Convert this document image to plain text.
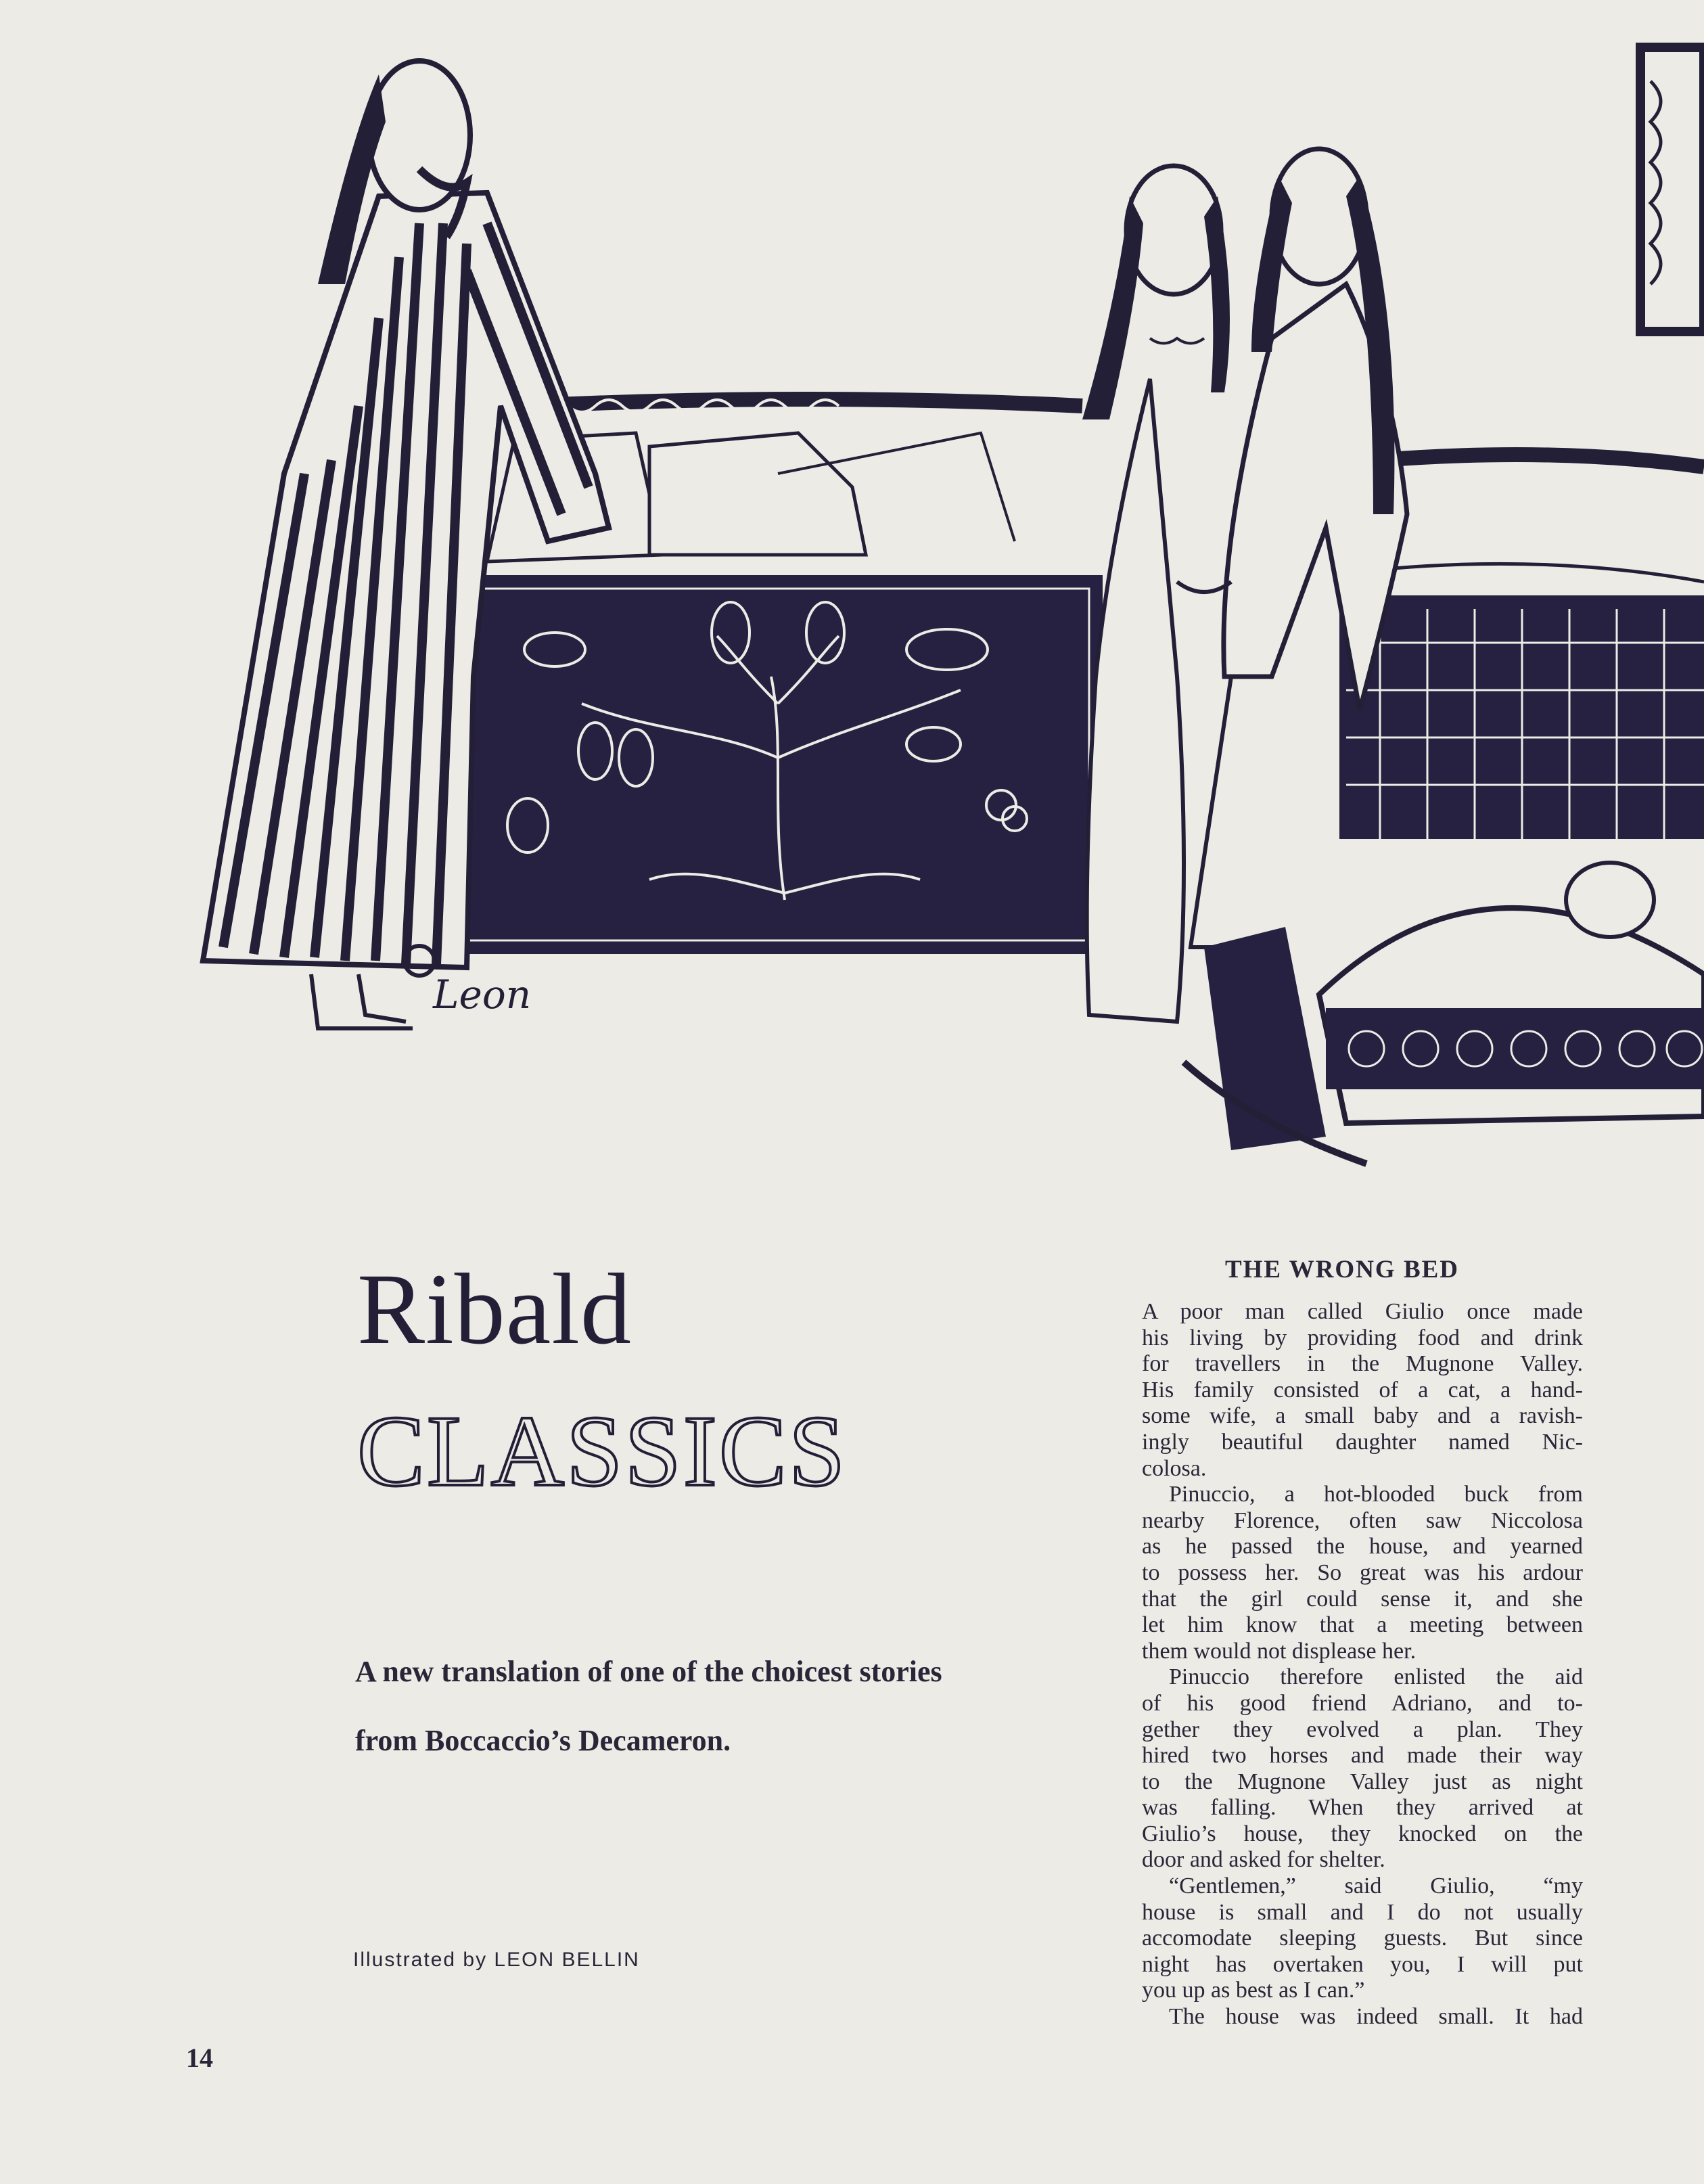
Leon
Ribald
CLASSICS
A new translation of one of the choicest stories
from Boccaccio’s Decameron.
Illustrated by LEON BELLIN
14
THE WRONG BED
A poor man called Giulio once made
his living by providing food and drink
for travellers in the Mugnone Valley.
His family consisted of a cat, a hand-
some wife, a small baby and a ravish-
ingly beautiful daughter named Nic-
colosa.
Pinuccio, a hot-blooded buck from
nearby Florence, often saw Niccolosa
as he passed the house, and yearned
to possess her. So great was his ardour
that the girl could sense it, and she
let him know that a meeting between
them would not displease her.
Pinuccio therefore enlisted the aid
of his good friend Adriano, and to-
gether they evolved a plan. They
hired two horses and made their way
to the Mugnone Valley just as night
was falling. When they arrived at
Giulio’s house, they knocked on the
door and asked for shelter.
“Gentlemen,” said Giulio, “my
house is small and I do not usually
accomodate sleeping guests. But since
night has overtaken you, I will put
you up as best as I can.”
The house was indeed small. It had
